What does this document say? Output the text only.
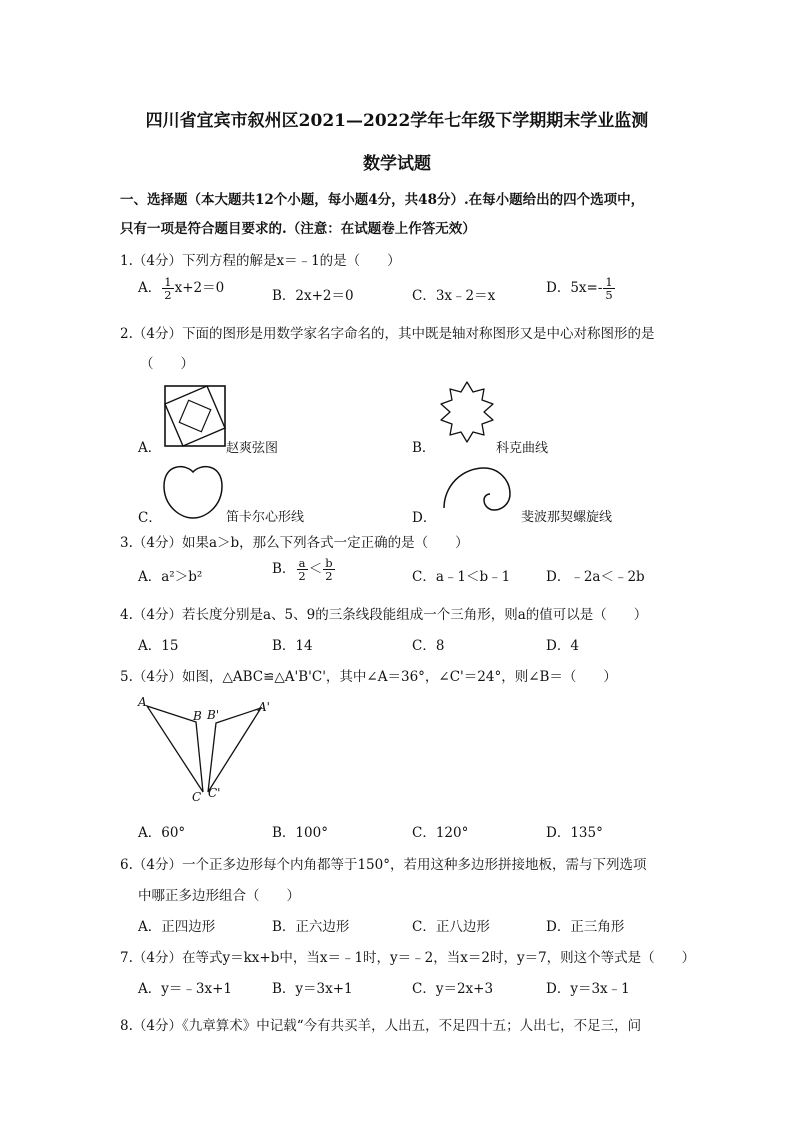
四川省宜宾市叙州区2021—2022学年七年级下学期期末学业监测
数学试题
一、选择题（本大题共12个小题，每小题4分，共48分）.在每小题给出的四个选项中，
只有一项是符合题目要求的.（注意：在试题卷上作答无效）
1.（4分）下列方程的解是x＝﹣1的是（　　）
A． $\frac{1}{2} x+2=0$	B．2x+2＝0	C．3x﹣2＝x	D．$5x=- \frac{1}{5}$
2.（4分）下面的图形是用数学家名字命名的，其中既是轴对称图形又是中心对称图形的是
（　　）
A．	赵爽弦图	B．	科克曲线
C．	笛卡尔心形线	D．	斐波那契螺旋线
3.（4分）如果a＞b，那么下列各式一定正确的是（　　）
A．a²＞b²	B． $\frac{a}{2} < \frac{b}{2}$	C．a﹣1＜b﹣1	D．﹣2a＜﹣2b
4.（4分）若长度分别是a、5、9的三条线段能组成一个三角形，则a的值可以是（　　）
A．15	B．14	C．8	D．4
5.（4分）如图，△ABC≌△A'B'C'，其中∠A＝36°，∠C'＝24°，则∠B＝（　　）
A
B B'
A'
C C'
A．60°	B．100°	C．120°	D．135°
6.（4分）一个正多边形每个内角都等于150°，若用这种多边形拼接地板，需与下列选项
中哪正多边形组合（　　）
A．正四边形	B．正六边形	C．正八边形	D．正三角形
7.（4分）在等式y＝kx+b中，当x＝﹣1时，y＝﹣2，当x＝2时，y＝7，则这个等式是（　　）
A．y＝﹣3x+1	B．y＝3x+1	C．y＝2x+3	D．y＝3x﹣1
8.（4分）《九章算术》中记载“今有共买羊，人出五，不足四十五；人出七，不足三，问
